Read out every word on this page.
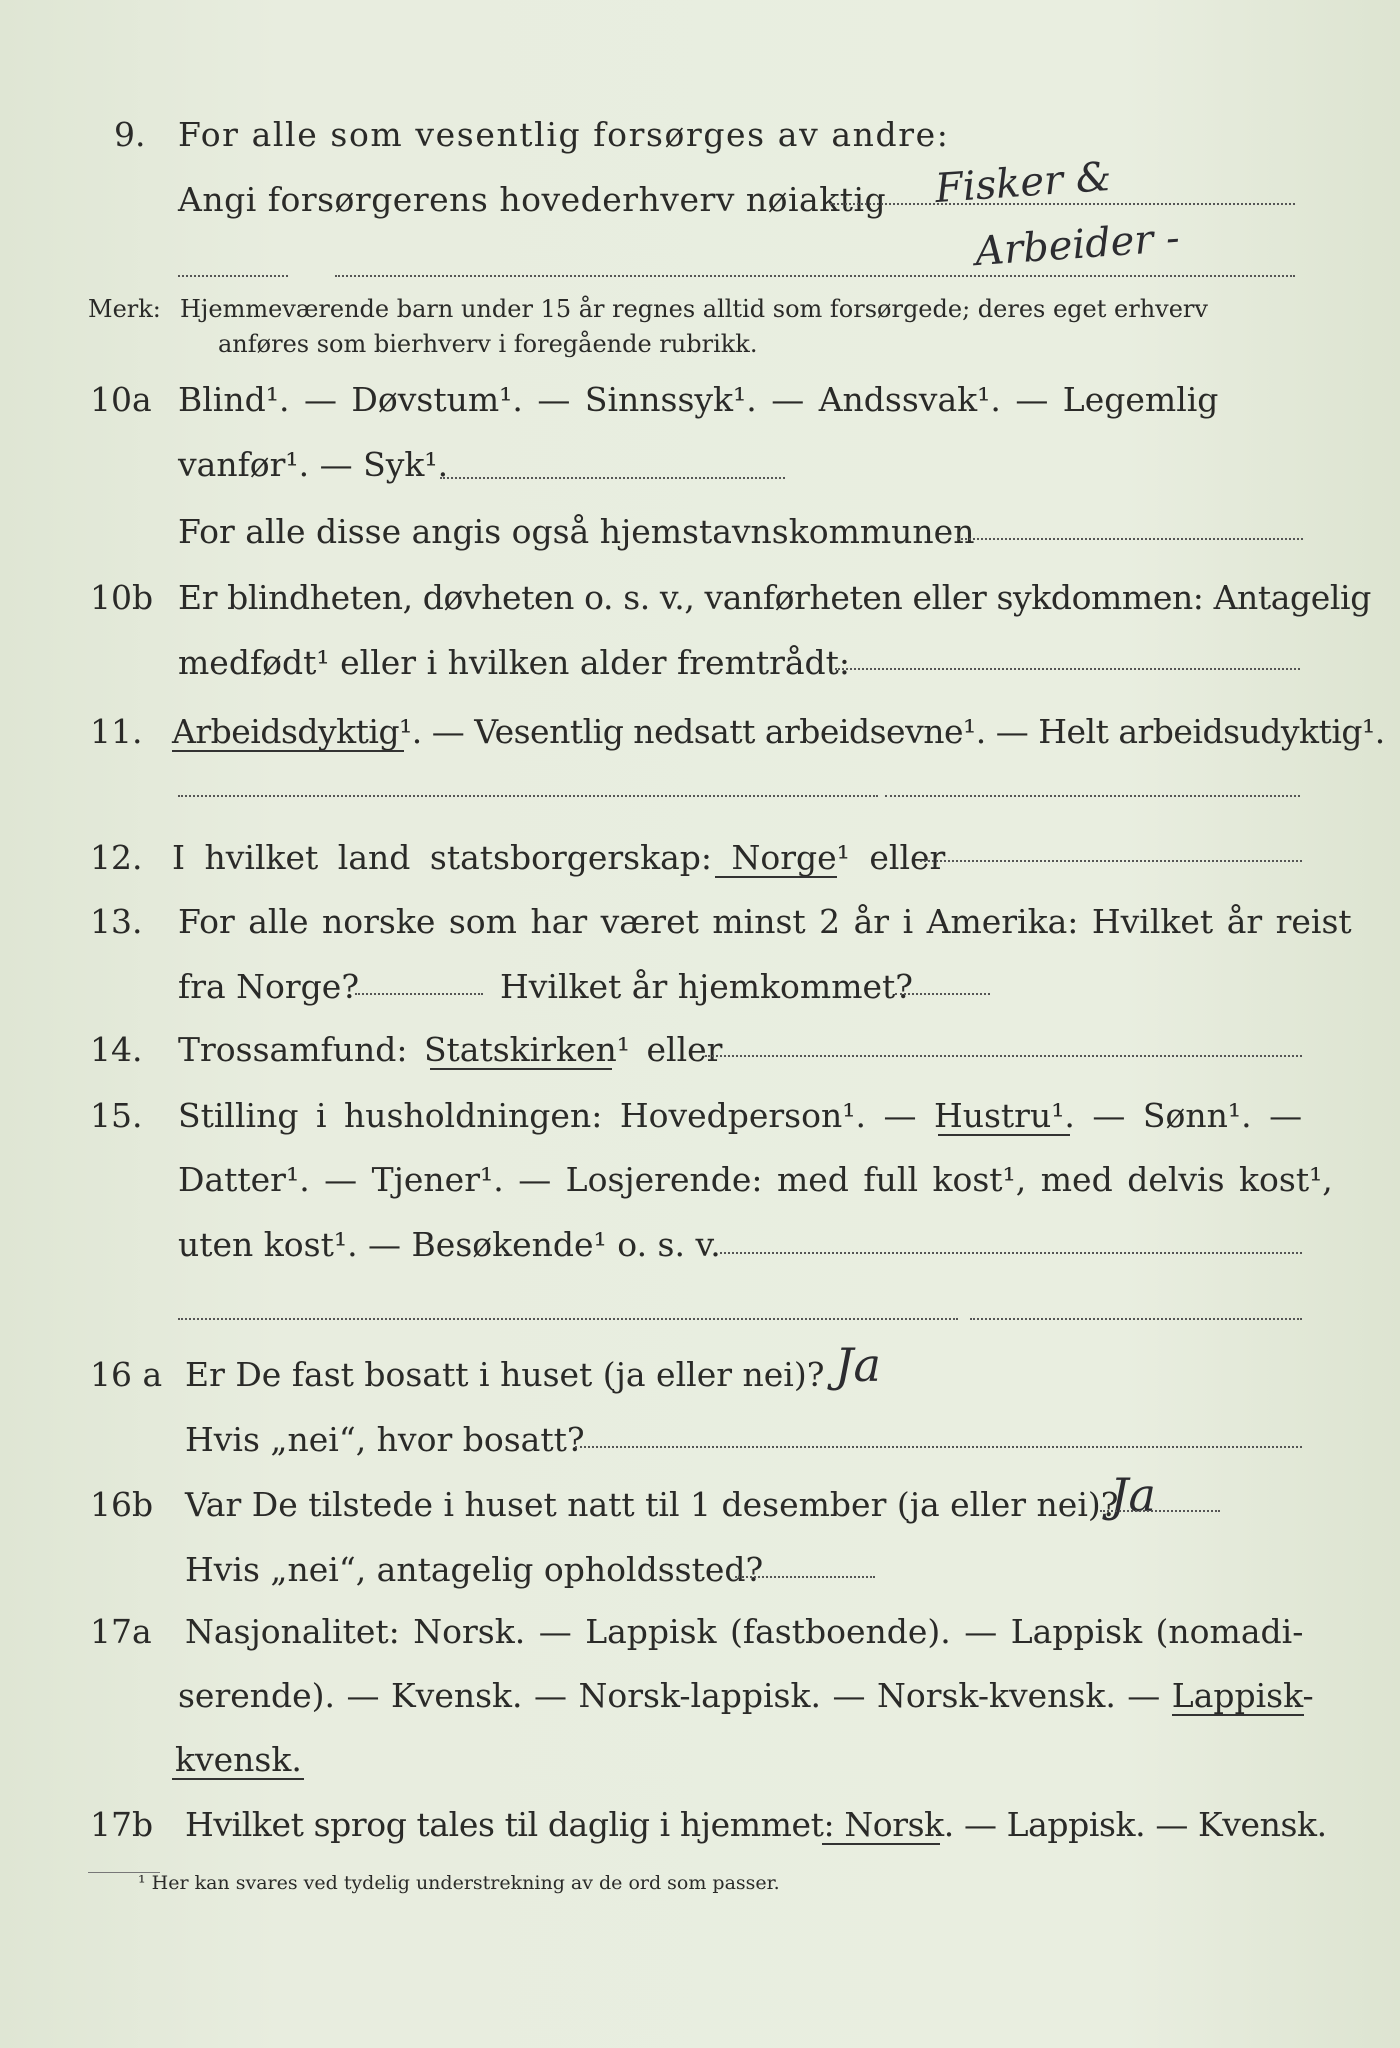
9. For alle som vesentlig forsørges av andre:
Angi forsørgerens hovederhverv nøiaktig Fisker &
Arbeider -
Merk: Hjemmeværende barn under 15 år regnes alltid som forsørgede; deres eget erhverv
anføres som bierhverv i foregående rubrikk.
10a Blind¹. — Døvstum¹. — Sinnssyk¹. — Andssvak¹. — Legemlig
vanfør¹. — Syk¹.
For alle disse angis også hjemstavnskommunen
10b Er blindheten, døvheten o. s. v., vanførheten eller sykdommen: Antagelig
medfødt¹ eller i hvilken alder fremtrådt:
11. Arbeidsdyktig¹. — Vesentlig nedsatt arbeidsevne¹. — Helt arbeidsudyktig¹.
12. I hvilket land statsborgerskap: Norge¹ eller
13. For alle norske som har været minst 2 år i Amerika: Hvilket år reist
fra Norge?	Hvilket år hjemkommet?
14. Trossamfund: Statskirken¹ eller
15. Stilling i husholdningen: Hovedperson¹. — Hustru¹. — Sønn¹. —
Datter¹. — Tjener¹. — Losjerende: med full kost¹, med delvis kost¹,
uten kost¹. — Besøkende¹ o. s. v.
16 a Er De fast bosatt i huset (ja eller nei)? Ja
Hvis „nei“, hvor bosatt?
16b Var De tilstede i huset natt til 1 desember (ja eller nei)?
Ja
Hvis „nei“, antagelig opholdssted?
17a Nasjonalitet: Norsk. — Lappisk (fastboende). — Lappisk (nomadi-
serende). — Kvensk. — Norsk-lappisk. — Norsk-kvensk. — Lappisk-
kvensk.
17b Hvilket sprog tales til daglig i hjemmet: Norsk. — Lappisk. — Kvensk.
¹ Her kan svares ved tydelig understrekning av de ord som passer.
